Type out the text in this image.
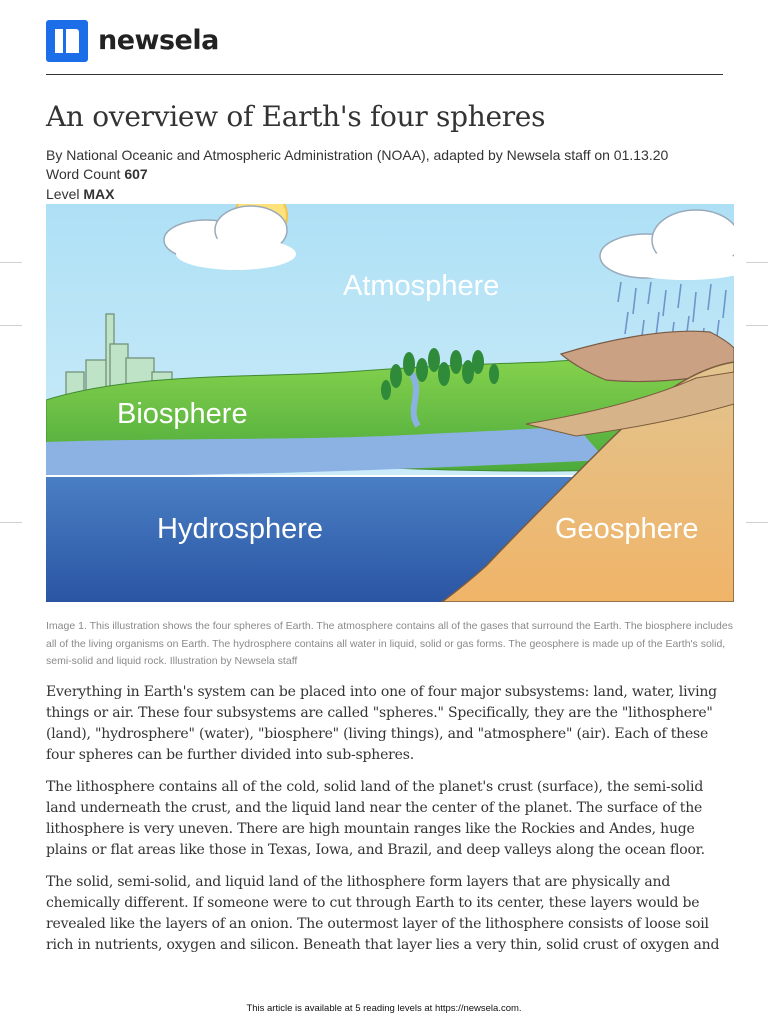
newsela
An overview of Earth's four spheres
By National Oceanic and Atmospheric Administration (NOAA), adapted by Newsela staff on 01.13.20
Word Count 607
Level MAX
Atmosphere
Biosphere
Hydrosphere	Geosphere
Image 1. This illustration shows the four spheres of Earth. The atmosphere contains all of the gases that surround the Earth. The biosphere includes all of the living organisms on Earth. The hydrosphere contains all water in liquid, solid or gas forms. The geosphere is made up of the Earth's solid, semi-solid and liquid rock. Illustration by Newsela staff

Everything in Earth's system can be placed into one of four major subsystems: land, water, living things or air. These four subsystems are called "spheres." Specifically, they are the "lithosphere" (land), "hydrosphere" (water), "biosphere" (living things), and "atmosphere" (air). Each of these four spheres can be further divided into sub-spheres.

The lithosphere contains all of the cold, solid land of the planet's crust (surface), the semi-solid land underneath the crust, and the liquid land near the center of the planet. The surface of the lithosphere is very uneven. There are high mountain ranges like the Rockies and Andes, huge plains or flat areas like those in Texas, Iowa, and Brazil, and deep valleys along the ocean floor.

The solid, semi-solid, and liquid land of the lithosphere form layers that are physically and chemically different. If someone were to cut through Earth to its center, these layers would be revealed like the layers of an onion. The outermost layer of the lithosphere consists of loose soil rich in nutrients, oxygen and silicon. Beneath that layer lies a very thin, solid crust of oxygen and

This article is available at 5 reading levels at https://newsela.com.
